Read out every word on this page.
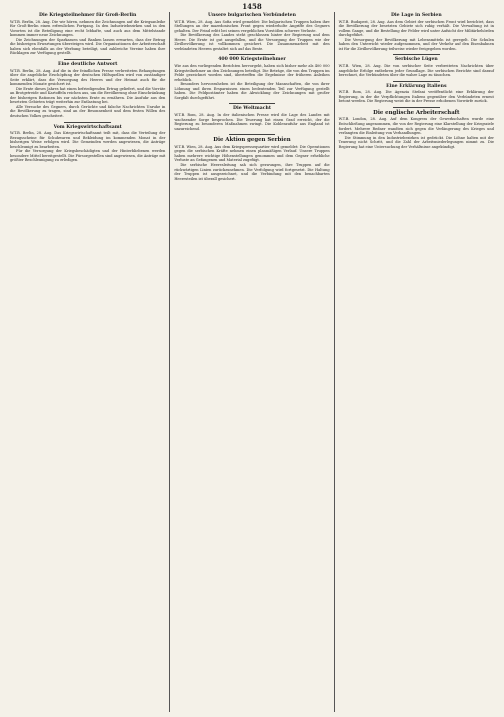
1458
Die Kriegsteilnehmer für Groß-Berlin

W.T.B. Berlin, 28. Aug. Die wir hören, nehmen die Zeichnungen auf die Kriegsanleihe für Groß-Berlin einen erfreulichen Fortgang. In den Industriebezirken und in den Vororten ist die Beteiligung eine recht lebhafte, und auch aus dem Mittelstande kommen immer neue Zeichnungen.

Die Zeichnungen der Sparkassen und Banken lassen erwarten, dass der Betrag die bisherigen Erwartungen übersteigen wird. Die Organisationen der Arbeiterschaft haben sich ebenfalls an der Werbung beteiligt, und zahlreiche Vereine haben ihre Rücklagen zur Verfügung gestellt.

Eine deutliche Antwort

W.T.B. Berlin, 28. Aug. Auf die in der feindlichen Presse verbreiteten Behauptungen über die angebliche Erschöpfung der deutschen Hilfsquellen wird von zuständiger Seite erklärt, dass die Versorgung des Heeres und der Heimat auch für die kommenden Monate gesichert ist.

Die Ernte dieses Jahres hat einen befriedigenden Ertrag geliefert, und die Vorräte an Brotgetreide und Kartoffeln reichen aus, um die Bevölkerung ohne Einschränkung der bisherigen Rationen bis zur nächsten Ernte zu ernähren. Die Ausfuhr aus den besetzten Gebieten trägt weiterhin zur Entlastung bei.

Alle Versuche des Gegners, durch Gerüchte und falsche Nachrichten Unruhe in die Bevölkerung zu tragen, sind an der Besonnenheit und dem festen Willen des deutschen Volkes gescheitert.

Vom Kriegswirtschaftsamt

W.T.B. Berlin, 28. Aug. Das Kriegswirtschaftsamt teilt mit, dass die Verteilung der Bezugsscheine für Schuhwaren und Bekleidung im kommenden Monat in der bisherigen Weise erfolgen wird. Die Gemeinden werden angewiesen, die Anträge beschleunigt zu bearbeiten.

Für die Versorgung der Kriegsbeschädigten und der Hinterbliebenen werden besondere Mittel bereitgestellt. Die Fürsorgestellen sind angewiesen, die Anträge mit größter Beschleunigung zu erledigen.

Unsere bulgarischen Verbündeten

W.T.B. Wien, 28. Aug. Aus Sofia wird gemeldet: Die bulgarischen Truppen haben ihre Stellungen an der mazedonischen Front gegen wiederholte Angriffe des Gegners gehalten. Der Feind erlitt bei seinen vergeblichen Vorstößen schwere Verluste.

Die Bevölkerung des Landes steht geschlossen hinter der Regierung und dem Heere. Die Ernte ist gut ausgefallen, und die Versorgung der Truppen wie der Zivilbevölkerung ist vollkommen gesichert. Die Zusammenarbeit mit den verbündeten Heeren gestaltet sich auf das Beste.

400 000 Kriegsteilnehmer

Wie aus den vorliegenden Berichten hervorgeht, haben sich bisher mehr als 400 000 Kriegsteilnehmer an den Zeichnungen beteiligt. Die Beträge, die von den Truppen im Felde gezeichnet worden sind, übertreffen die Ergebnisse der früheren Anleihen erheblich.

Besonders hervorzuheben ist die Beteiligung der Mannschaften, die von ihrer Löhnung und ihren Ersparnissen einen bedeutenden Teil zur Verfügung gestellt haben. Die Feldpostämter haben die Abwicklung der Zeichnungen mit großer Sorgfalt durchgeführt.

Die Weltmacht

W.T.B. Rom, 28. Aug. In der italienischen Presse wird die Lage des Landes mit wachsender Sorge besprochen. Die Teuerung hat einen Grad erreicht, der die Regierung zu besonderen Maßnahmen zwingt. Die Kohlenzufuhr aus England ist unzureichend.

Die Aktion gegen Serbien

W.T.B. Wien, 28. Aug. Aus dem Kriegspressequartier wird gemeldet: Die Operationen gegen die serbischen Kräfte nehmen einen planmäßigen Verlauf. Unsere Truppen haben mehrere wichtige Höhenstellungen genommen und dem Gegner erhebliche Verluste an Gefangenen und Material zugefügt.

Die serbische Heeresleitung sah sich gezwungen, ihre Truppen auf die rückwärtigen Linien zurückzunehmen. Die Verfolgung wird fortgesetzt. Die Haltung der Truppen ist ausgezeichnet, und die Verbindung mit den benachbarten Heeresteilen ist überall gesichert.

Die Lage in Serbien

W.T.B. Budapest, 28. Aug. Aus dem Gebiet der serbischen Front wird berichtet, dass die Bevölkerung der besetzten Gebiete sich ruhig verhält. Die Verwaltung ist in vollem Gange, und die Bestellung der Felder wird unter Aufsicht der Militärbehörden durchgeführt.

Die Versorgung der Bevölkerung mit Lebensmitteln ist geregelt. Die Schulen haben den Unterricht wieder aufgenommen, und der Verkehr auf den Eisenbahnen ist für die Zivilbevölkerung teilweise wieder freigegeben worden.

Serbische Lügen

W.T.B. Wien, 28. Aug. Die von serbischer Seite verbreiteten Nachrichten über angebliche Erfolge entbehren jeder Grundlage. Die serbischen Berichte sind darauf berechnet, die Verbündeten über die wahre Lage zu täuschen.

Eine Erklärung Italiens

W.T.B. Rom, 28. Aug. Die Agenzia Stefani veröffentlicht eine Erklärung der Regierung, in der die Verpflichtungen Italiens gegenüber den Verbündeten erneut betont werden. Die Regierung weist die in der Presse erhobenen Vorwürfe zurück.

Die englische Arbeiterschaft

W.T.B. London, 28. Aug. Auf dem Kongress der Gewerkschaften wurde eine Entschließung angenommen, die von der Regierung eine Klarstellung der Kriegsziele fordert. Mehrere Redner wandten sich gegen die Verlängerung des Krieges und verlangten die Einleitung von Verhandlungen.

Die Stimmung in den Industriebezirken ist gedrückt. Die Löhne halten mit der Teuerung nicht Schritt, und die Zahl der Arbeitsniederlegungen nimmt zu. Die Regierung hat eine Untersuchung der Verhältnisse angekündigt.
